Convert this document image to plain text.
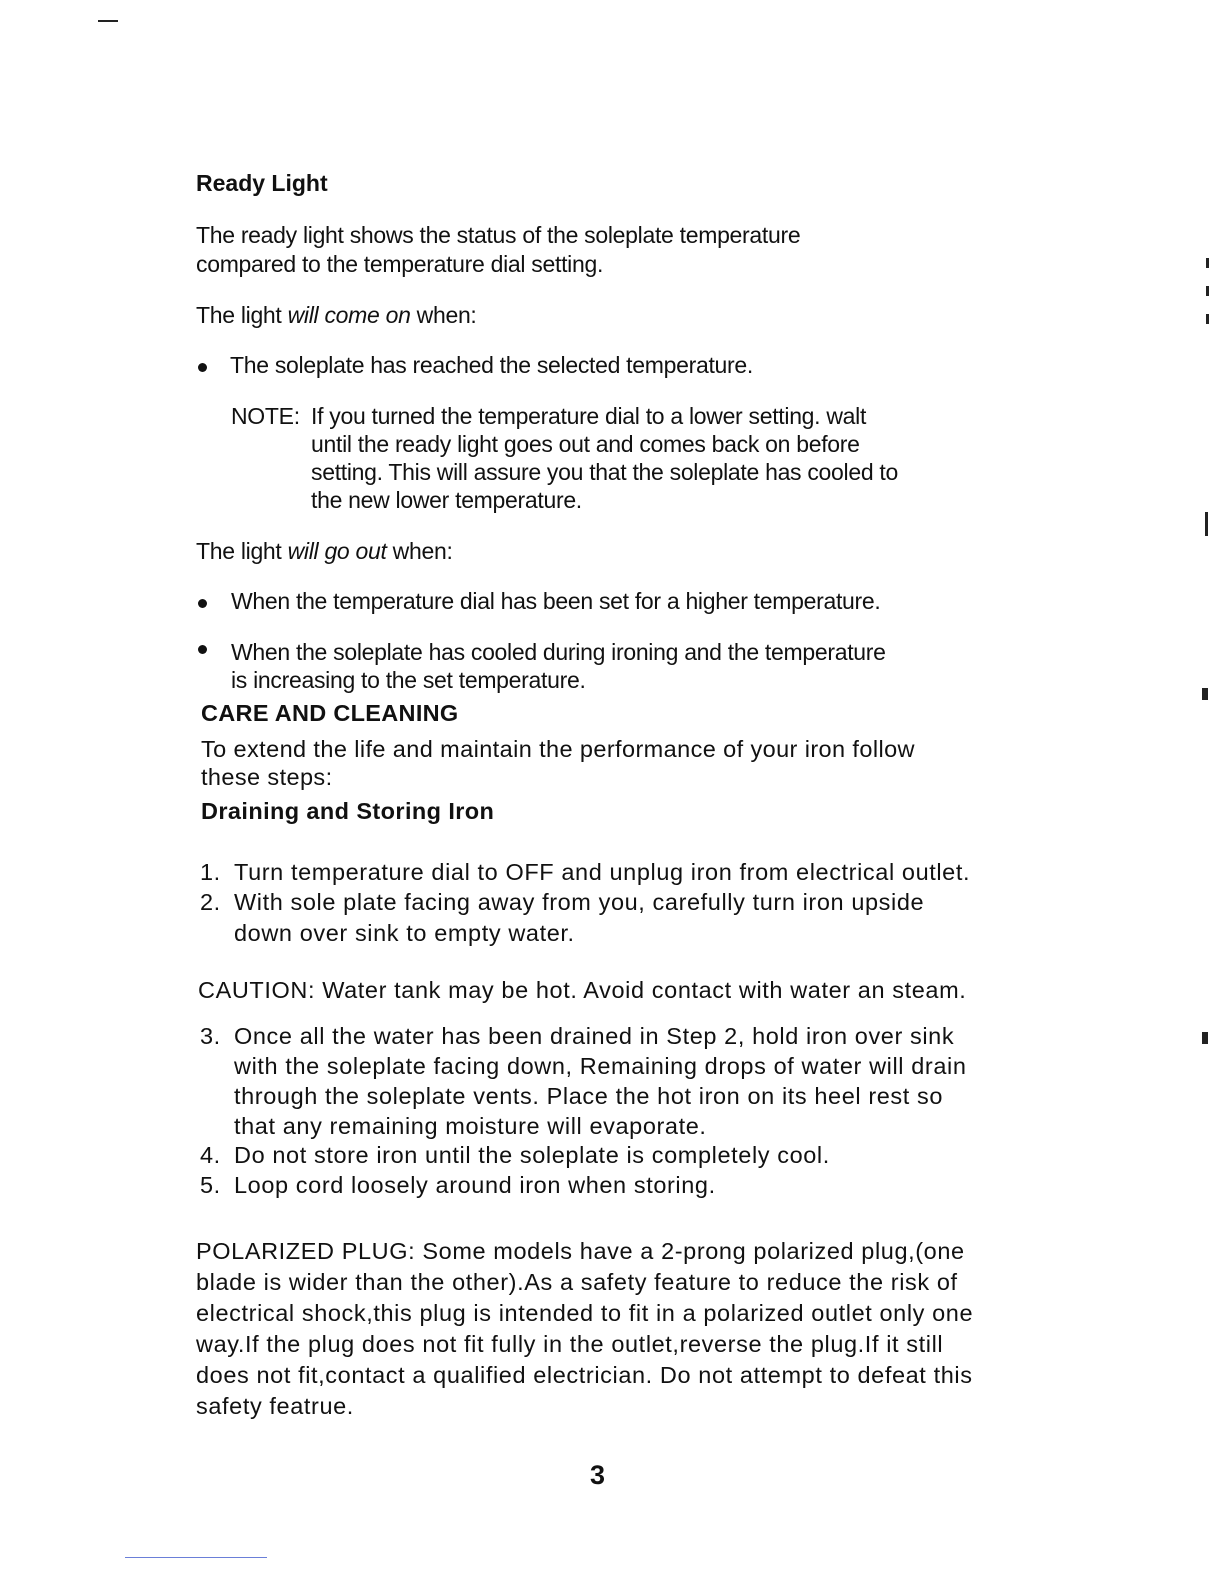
Ready Light
The ready light shows the status of the soleplate temperature
compared to the temperature dial setting.
The light will come on when:
The soleplate has reached the selected temperature.
NOTE: If you turned the temperature dial to a lower setting. walt
until the ready light goes out and comes back on before
setting. This will assure you that the soleplate has cooled to
the new lower temperature.
The light will go out when:
When the temperature dial has been set for a higher temperature.
When the soleplate has cooled during ironing and the temperature
is increasing to the set temperature.
CARE AND CLEANING
To extend the life and maintain the performance of your iron follow
these steps:
Draining and Storing Iron
1. Turn temperature dial to OFF and unplug iron from electrical outlet.
2. With sole plate facing away from you, carefully turn iron upside
down over sink to empty water.
CAUTION: Water tank may be hot. Avoid contact with water an steam.
3. Once all the water has been drained in Step 2, hold iron over sink
with the soleplate facing down, Remaining drops of water will drain
through the soleplate vents. Place the hot iron on its heel rest so
that any remaining moisture will evaporate.
4. Do not store iron until the soleplate is completely cool.
5. Loop cord loosely around iron when storing.
POLARIZED PLUG: Some models have a 2-prong polarized plug,(one
blade is wider than the other).As a safety feature to reduce the risk of
electrical shock,this plug is intended to fit in a polarized outlet only one
way.If the plug does not fit fully in the outlet,reverse the plug.If it still
does not fit,contact a qualified electrician. Do not attempt to defeat this
safety featrue.
3
